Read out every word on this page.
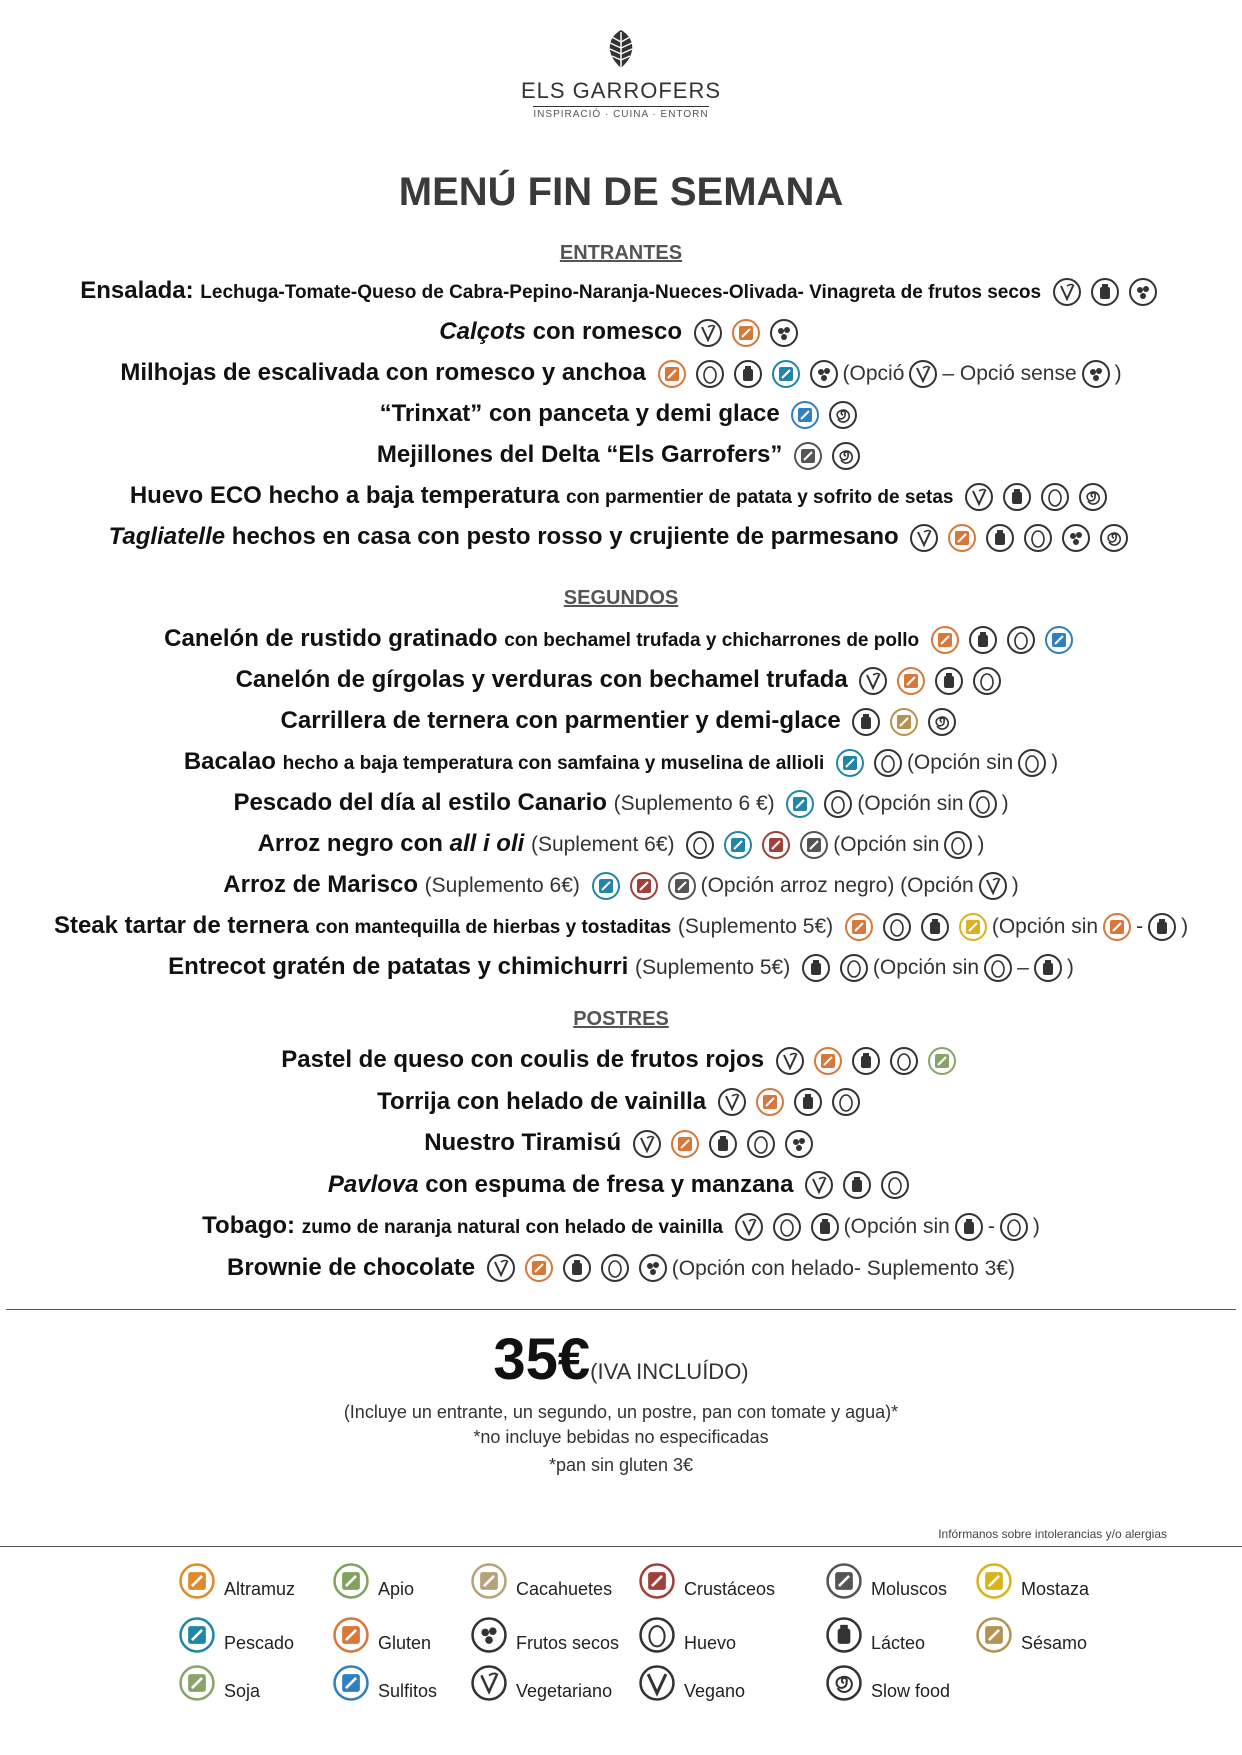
ELS GARROFERS
INSPIRACIÓ · CUINA · ENTORN
MENÚ FIN DE SEMANA
ENTRANTES
Ensalada: Lechuga-Tomate-Queso de Cabra-Pepino-Naranja-Nueces-Olivada- Vinagreta de frutos secos
Calçots con romesco
Milhojas de escalivada con romesco y anchoa	(Opció – Opció sense )
“Trinxat” con panceta y demi glace
Mejillones del Delta “Els Garrofers”
Huevo ECO hecho a baja temperatura con parmentier de patata y sofrito de setas
Tagliatelle hechos en casa con pesto rosso y crujiente de parmesano
SEGUNDOS
Canelón de rustido gratinado con bechamel trufada y chicharrones de pollo
Canelón de gírgolas y verduras con bechamel trufada
Carrillera de ternera con parmentier y demi-glace
Bacalao hecho a baja temperatura con samfaina y muselina de allioli	(Opción sin )
Pescado del día al estilo Canario (Suplemento 6 €)	(Opción sin )
Arroz negro con all i oli (Suplement 6€)	(Opción sin )
Arroz de Marisco (Suplemento 6€)	(Opción arroz negro) (Opción )
Steak tartar de ternera con mantequilla de hierbas y tostaditas (Suplemento 5€)	(Opción sin - )
Entrecot gratén de patatas y chimichurri (Suplemento 5€)	(Opción sin – )
POSTRES
Pastel de queso con coulis de frutos rojos
Torrija con helado de vainilla
Nuestro Tiramisú
Pavlova con espuma de fresa y manzana
Tobago: zumo de naranja natural con helado de vainilla	(Opción sin - )
Brownie de chocolate	(Opción con helado- Suplemento 3€)
35€(IVA INCLUÍDO)
(Incluye un entrante, un segundo, un postre, pan con tomate y agua)*
*no incluye bebidas no especificadas
*pan sin gluten 3€
Infórmanos sobre intolerancias y/o alergias
Altramuz	Apio	Cacahuetes	Crustáceos	Moluscos	Mostaza
Pescado	Gluten	Frutos secos	Huevo	Lácteo	Sésamo
Soja	Sulfitos	Vegetariano	Vegano	Slow food
